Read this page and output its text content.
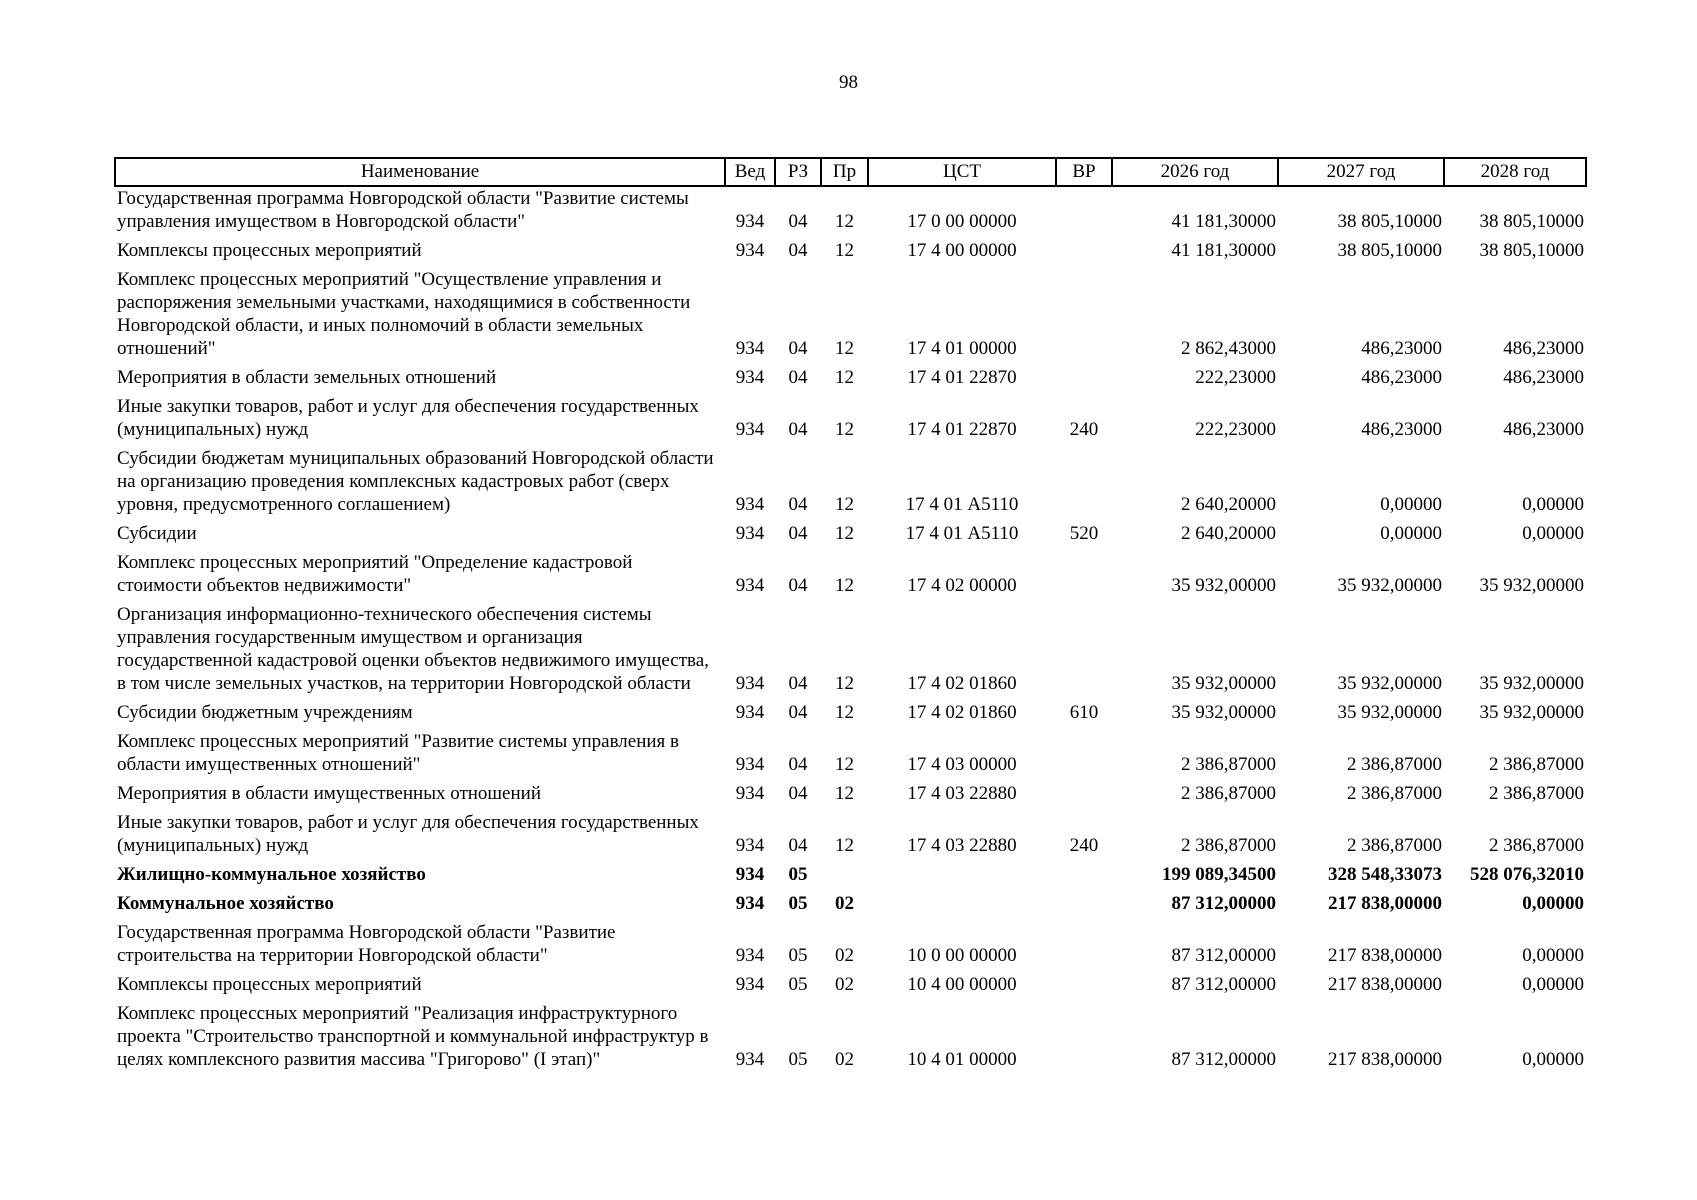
98
Наименование	Вед	РЗ	Пр	ЦСТ	ВР	2026 год	2027 год	2028 год
Государственная программа Новгородской области "Развитие системы управления имуществом в Новгородской области"	934	04	12	17 0 00 00000		41 181,30000	38 805,10000	38 805,10000
Комплексы процессных мероприятий	934	04	12	17 4 00 00000		41 181,30000	38 805,10000	38 805,10000
Комплекс процессных мероприятий "Осуществление управления и распоряжения земельными участками, находящимися в собственности Новгородской области, и иных полномочий в области земельных отношений"	934	04	12	17 4 01 00000		2 862,43000	486,23000	486,23000
Мероприятия в области земельных отношений	934	04	12	17 4 01 22870		222,23000	486,23000	486,23000
Иные закупки товаров, работ и услуг для обеспечения государственных (муниципальных) нужд	934	04	12	17 4 01 22870	240	222,23000	486,23000	486,23000
Субсидии бюджетам муниципальных образований Новгородской области на организацию проведения комплексных кадастровых работ (сверх уровня, предусмотренного соглашением)	934	04	12	17 4 01 А5110		2 640,20000	0,00000	0,00000
Субсидии	934	04	12	17 4 01 А5110	520	2 640,20000	0,00000	0,00000
Комплекс процессных мероприятий "Определение кадастровой стоимости объектов недвижимости"	934	04	12	17 4 02 00000		35 932,00000	35 932,00000	35 932,00000
Организация информационно-технического обеспечения системы управления государственным имуществом и организация государственной кадастровой оценки объектов недвижимого имущества, в том числе земельных участков, на территории Новгородской области	934	04	12	17 4 02 01860		35 932,00000	35 932,00000	35 932,00000
Субсидии бюджетным учреждениям	934	04	12	17 4 02 01860	610	35 932,00000	35 932,00000	35 932,00000
Комплекс процессных мероприятий "Развитие системы управления в области имущественных отношений"	934	04	12	17 4 03 00000		2 386,87000	2 386,87000	2 386,87000
Мероприятия в области имущественных отношений	934	04	12	17 4 03 22880		2 386,87000	2 386,87000	2 386,87000
Иные закупки товаров, работ и услуг для обеспечения государственных (муниципальных) нужд	934	04	12	17 4 03 22880	240	2 386,87000	2 386,87000	2 386,87000
Жилищно-коммунальное хозяйство	934	05				199 089,34500	328 548,33073	528 076,32010
Коммунальное хозяйство	934	05	02			87 312,00000	217 838,00000	0,00000
Государственная программа Новгородской области "Развитие строительства на территории Новгородской области"	934	05	02	10 0 00 00000		87 312,00000	217 838,00000	0,00000
Комплексы процессных мероприятий	934	05	02	10 4 00 00000		87 312,00000	217 838,00000	0,00000
Комплекс процессных мероприятий "Реализация инфраструктурного проекта "Строительство транспортной и коммунальной инфраструктур в целях комплексного развития массива "Григорово" (I этап)"	934	05	02	10 4 01 00000		87 312,00000	217 838,00000	0,00000
